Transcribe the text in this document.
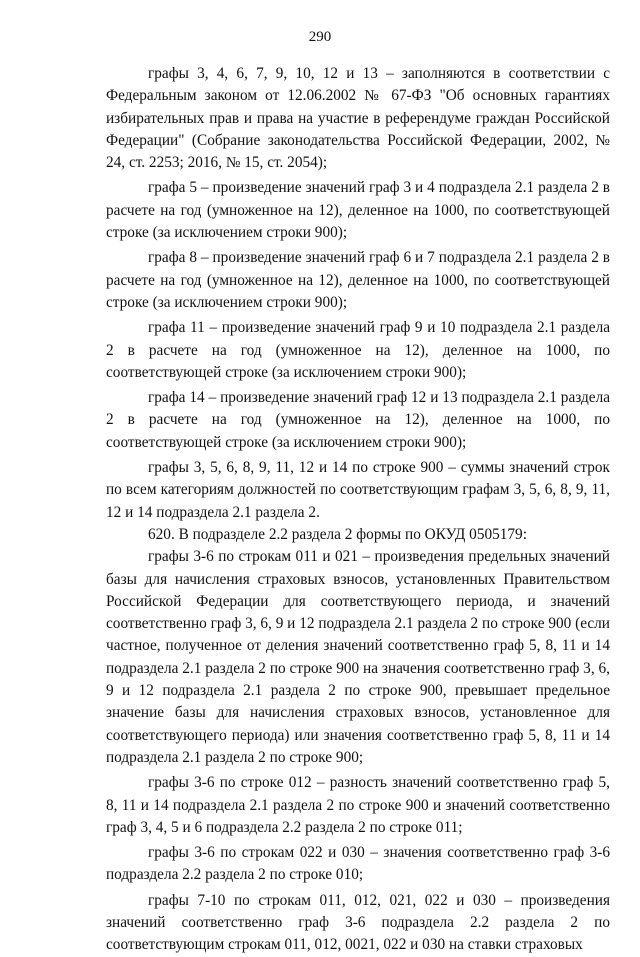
290

графы 3, 4, 6, 7, 9, 10, 12 и 13 – заполняются в соответствии с Федеральным законом от 12.06.2002 № 67-ФЗ "Об основных гарантиях избирательных прав и права на участие в референдуме граждан Российской Федерации" (Собрание законодательства Российской Федерации, 2002, № 24, ст. 2253; 2016, № 15, ст. 2054);

графа 5 – произведение значений граф 3 и 4 подраздела 2.1 раздела 2 в расчете на год (умноженное на 12), деленное на 1000, по соответствующей строке (за исключением строки 900);

графа 8 – произведение значений граф 6 и 7 подраздела 2.1 раздела 2 в расчете на год (умноженное на 12), деленное на 1000, по соответствующей строке (за исключением строки 900);

графа 11 – произведение значений граф 9 и 10 подраздела 2.1 раздела 2 в расчете на год (умноженное на 12), деленное на 1000, по соответствующей строке (за исключением строки 900);

графа 14 – произведение значений граф 12 и 13 подраздела 2.1 раздела 2 в расчете на год (умноженное на 12), деленное на 1000, по соответствующей строке (за исключением строки 900);

графы 3, 5, 6, 8, 9, 11, 12 и 14 по строке 900 – суммы значений строк по всем категориям должностей по соответствующим графам 3, 5, 6, 8, 9, 11, 12 и 14 подраздела 2.1 раздела 2.

620. В подразделе 2.2 раздела 2 формы по ОКУД 0505179:

графы 3-6 по строкам 011 и 021 – произведения предельных значений базы для начисления страховых взносов, установленных Правительством Российской Федерации для соответствующего периода, и значений соответственно граф 3, 6, 9 и 12 подраздела 2.1 раздела 2 по строке 900 (если частное, полученное от деления значений соответственно граф 5, 8, 11 и 14 подраздела 2.1 раздела 2 по строке 900 на значения соответственно граф 3, 6, 9 и 12 подраздела 2.1 раздела 2 по строке 900, превышает предельное значение базы для начисления страховых взносов, установленное для соответствующего периода) или значения соответственно граф 5, 8, 11 и 14 подраздела 2.1 раздела 2 по строке 900;

графы 3-6 по строке 012 – разность значений соответственно граф 5, 8, 11 и 14 подраздела 2.1 раздела 2 по строке 900 и значений соответственно граф 3, 4, 5 и 6 подраздела 2.2 раздела 2 по строке 011;

графы 3-6 по строкам 022 и 030 – значения соответственно граф 3-6 подраздела 2.2 раздела 2 по строке 010;

графы 7-10 по строкам 011, 012, 021, 022 и 030 – произведения значений соответственно граф 3-6 подраздела 2.2 раздела 2 по соответствующим строкам 011, 012, 0021, 022 и 030 на ставки страховых
